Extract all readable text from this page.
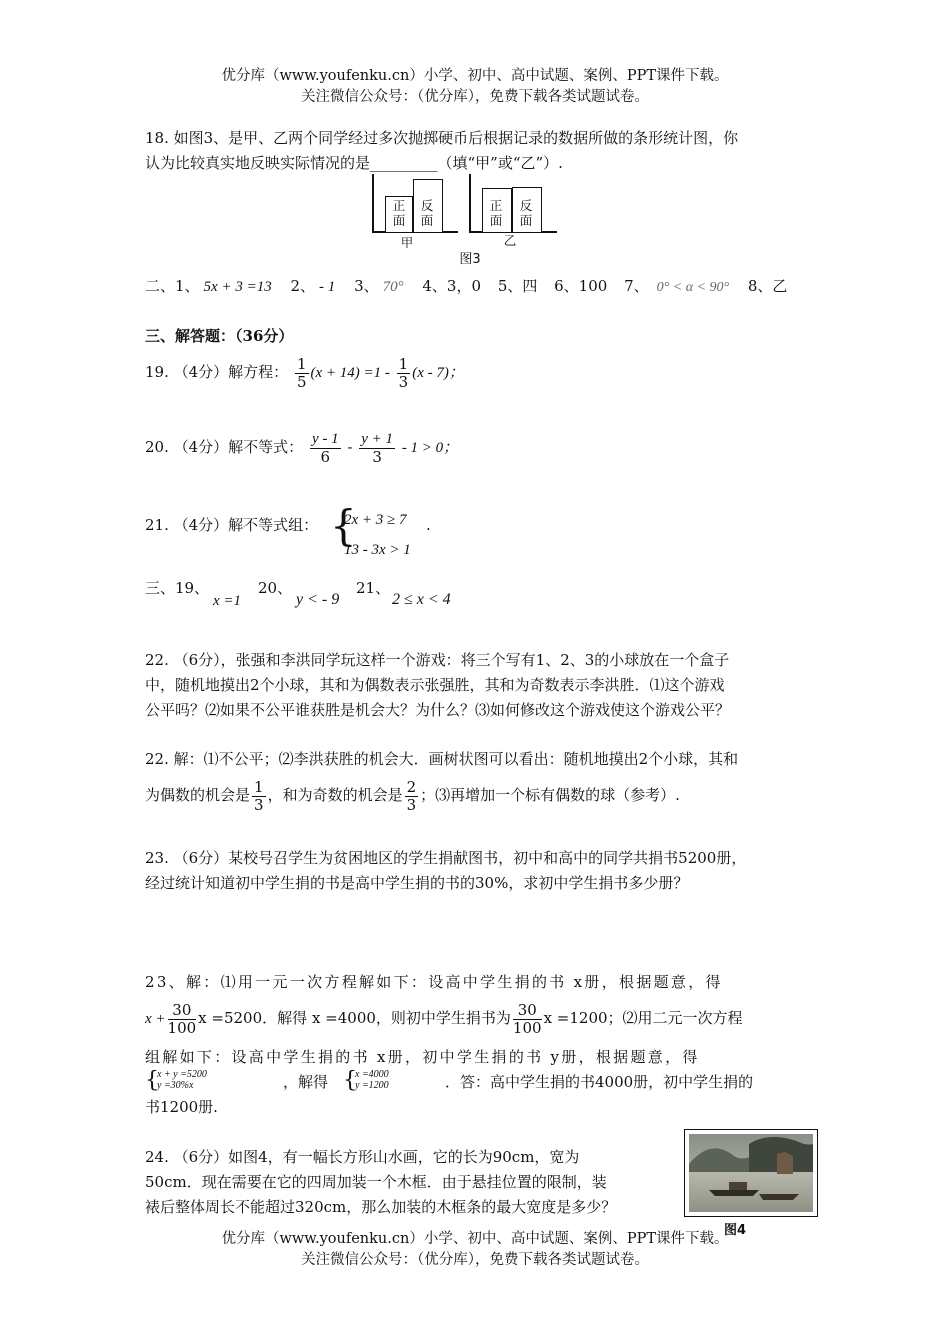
优分库（www.youfenku.cn）小学、初中、高中试题、案例、PPT课件下载。
关注微信公众号：（优分库），免费下载各类试题试卷。
18. 如图3、是甲、乙两个同学经过多次抛掷硬币后根据记录的数据所做的条形统计图，你
认为比较真实地反映实际情况的是_________（填“甲”或“乙”）.
正
面
反
面
甲
正
面
反
面
乙
图3
二、1、 5x + 3 =13 2、 - 1 3、 70° 4、3，0 5、四 6、100 7、 0° < α < 90° 8、乙
三、解答题：（36分）
19. （4分）解方程： $\frac{1}{5} (x + 14) =1 - \frac{1}{3} (x - 7)$；
20. （4分）解不等式： $\frac{y - 1}{6} - \frac{y + 1}{3} - 1 > 0$；
21. （4分）解不等式组： {
2x + 3 ≥ 7
13 - 3x > 1
.
三、19、
x =1
20、
y < - 9
21、
2 ≤ x < 4
22. （6分），张强和李洪同学玩这样一个游戏：将三个写有1、2、3的小球放在一个盒子
中，随机地摸出2个小球，其和为偶数表示张强胜，其和为奇数表示李洪胜．⑴这个游戏
公平吗？⑵如果不公平谁获胜是机会大？为什么？⑶如何修改这个游戏使这个游戏公平？
22. 解：⑴不公平；⑵李洪获胜的机会大．画树状图可以看出：随机地摸出2个小球，其和
为偶数的机会是 $\frac{1}{3}$ ，和为奇数的机会是 $\frac{2}{3}$ ；⑶再增加一个标有偶数的球（参考）.
23. （6分）某校号召学生为贫困地区的学生捐献图书，初中和高中的同学共捐书5200册，
经过统计知道初中学生捐的书是高中学生捐的书的30%，求初中学生捐书多少册？
23、解：⑴用一元一次方程解如下：设高中学生捐的书 x册，根据题意，得
$x + \frac{30}{100}$ x =5200．解得 x =4000，则初中学生捐书为 $\frac{30}{100}$ x =1200；⑵用二元一次方程
组解如下：设高中学生捐的书 x册，初中学生捐的书 y册，根据题意，得
{
x + y =5200
y =30%x	，解得 {
x =4000
y =1200	．答：高中学生捐的书4000册，初中学生捐的
书1200册.
24. （6分）如图4，有一幅长方形山水画，它的长为90cm，宽为
50cm．现在需要在它的四周加装一个木框．由于悬挂位置的限制，装
裱后整体周长不能超过320cm，那么加装的木框条的最大宽度是多少？
图4
优分库（www.youfenku.cn）小学、初中、高中试题、案例、PPT课件下载。
关注微信公众号：（优分库），免费下载各类试题试卷。
